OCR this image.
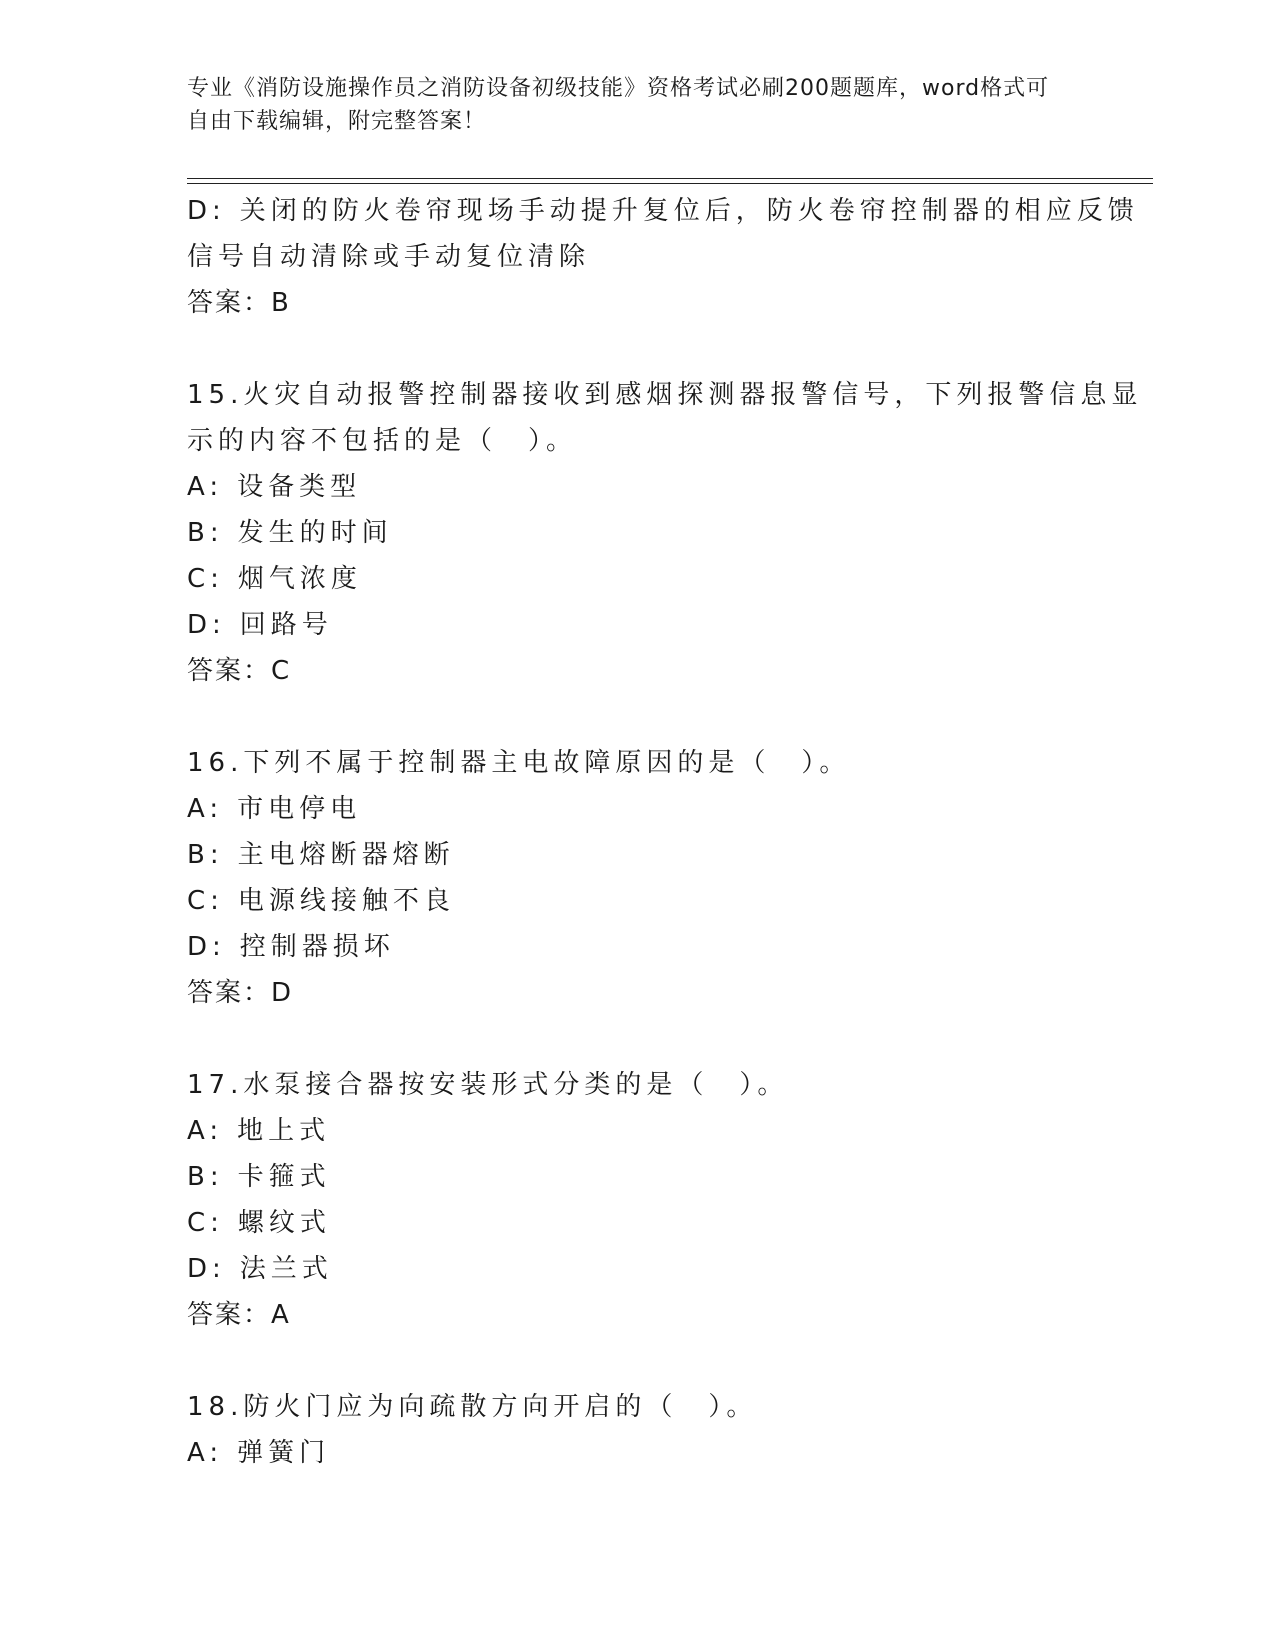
专业《消防设施操作员之消防设备初级技能》资格考试必刷200题题库，word格式可自由下载编辑，附完整答案！
D: 关闭的防火卷帘现场手动提升复位后，防火卷帘控制器的相应反馈
信号自动清除或手动复位清除
答案：B
15.火灾自动报警控制器接收到感烟探测器报警信号，下列报警信息显
示的内容不包括的是（　）。
A: 设备类型
B: 发生的时间
C: 烟气浓度
D: 回路号
答案：C
16.下列不属于控制器主电故障原因的是（　）。
A: 市电停电
B: 主电熔断器熔断
C: 电源线接触不良
D: 控制器损坏
答案：D
17.水泵接合器按安装形式分类的是（　）。
A: 地上式
B: 卡箍式
C: 螺纹式
D: 法兰式
答案：A
18.防火门应为向疏散方向开启的（　）。
A: 弹簧门
